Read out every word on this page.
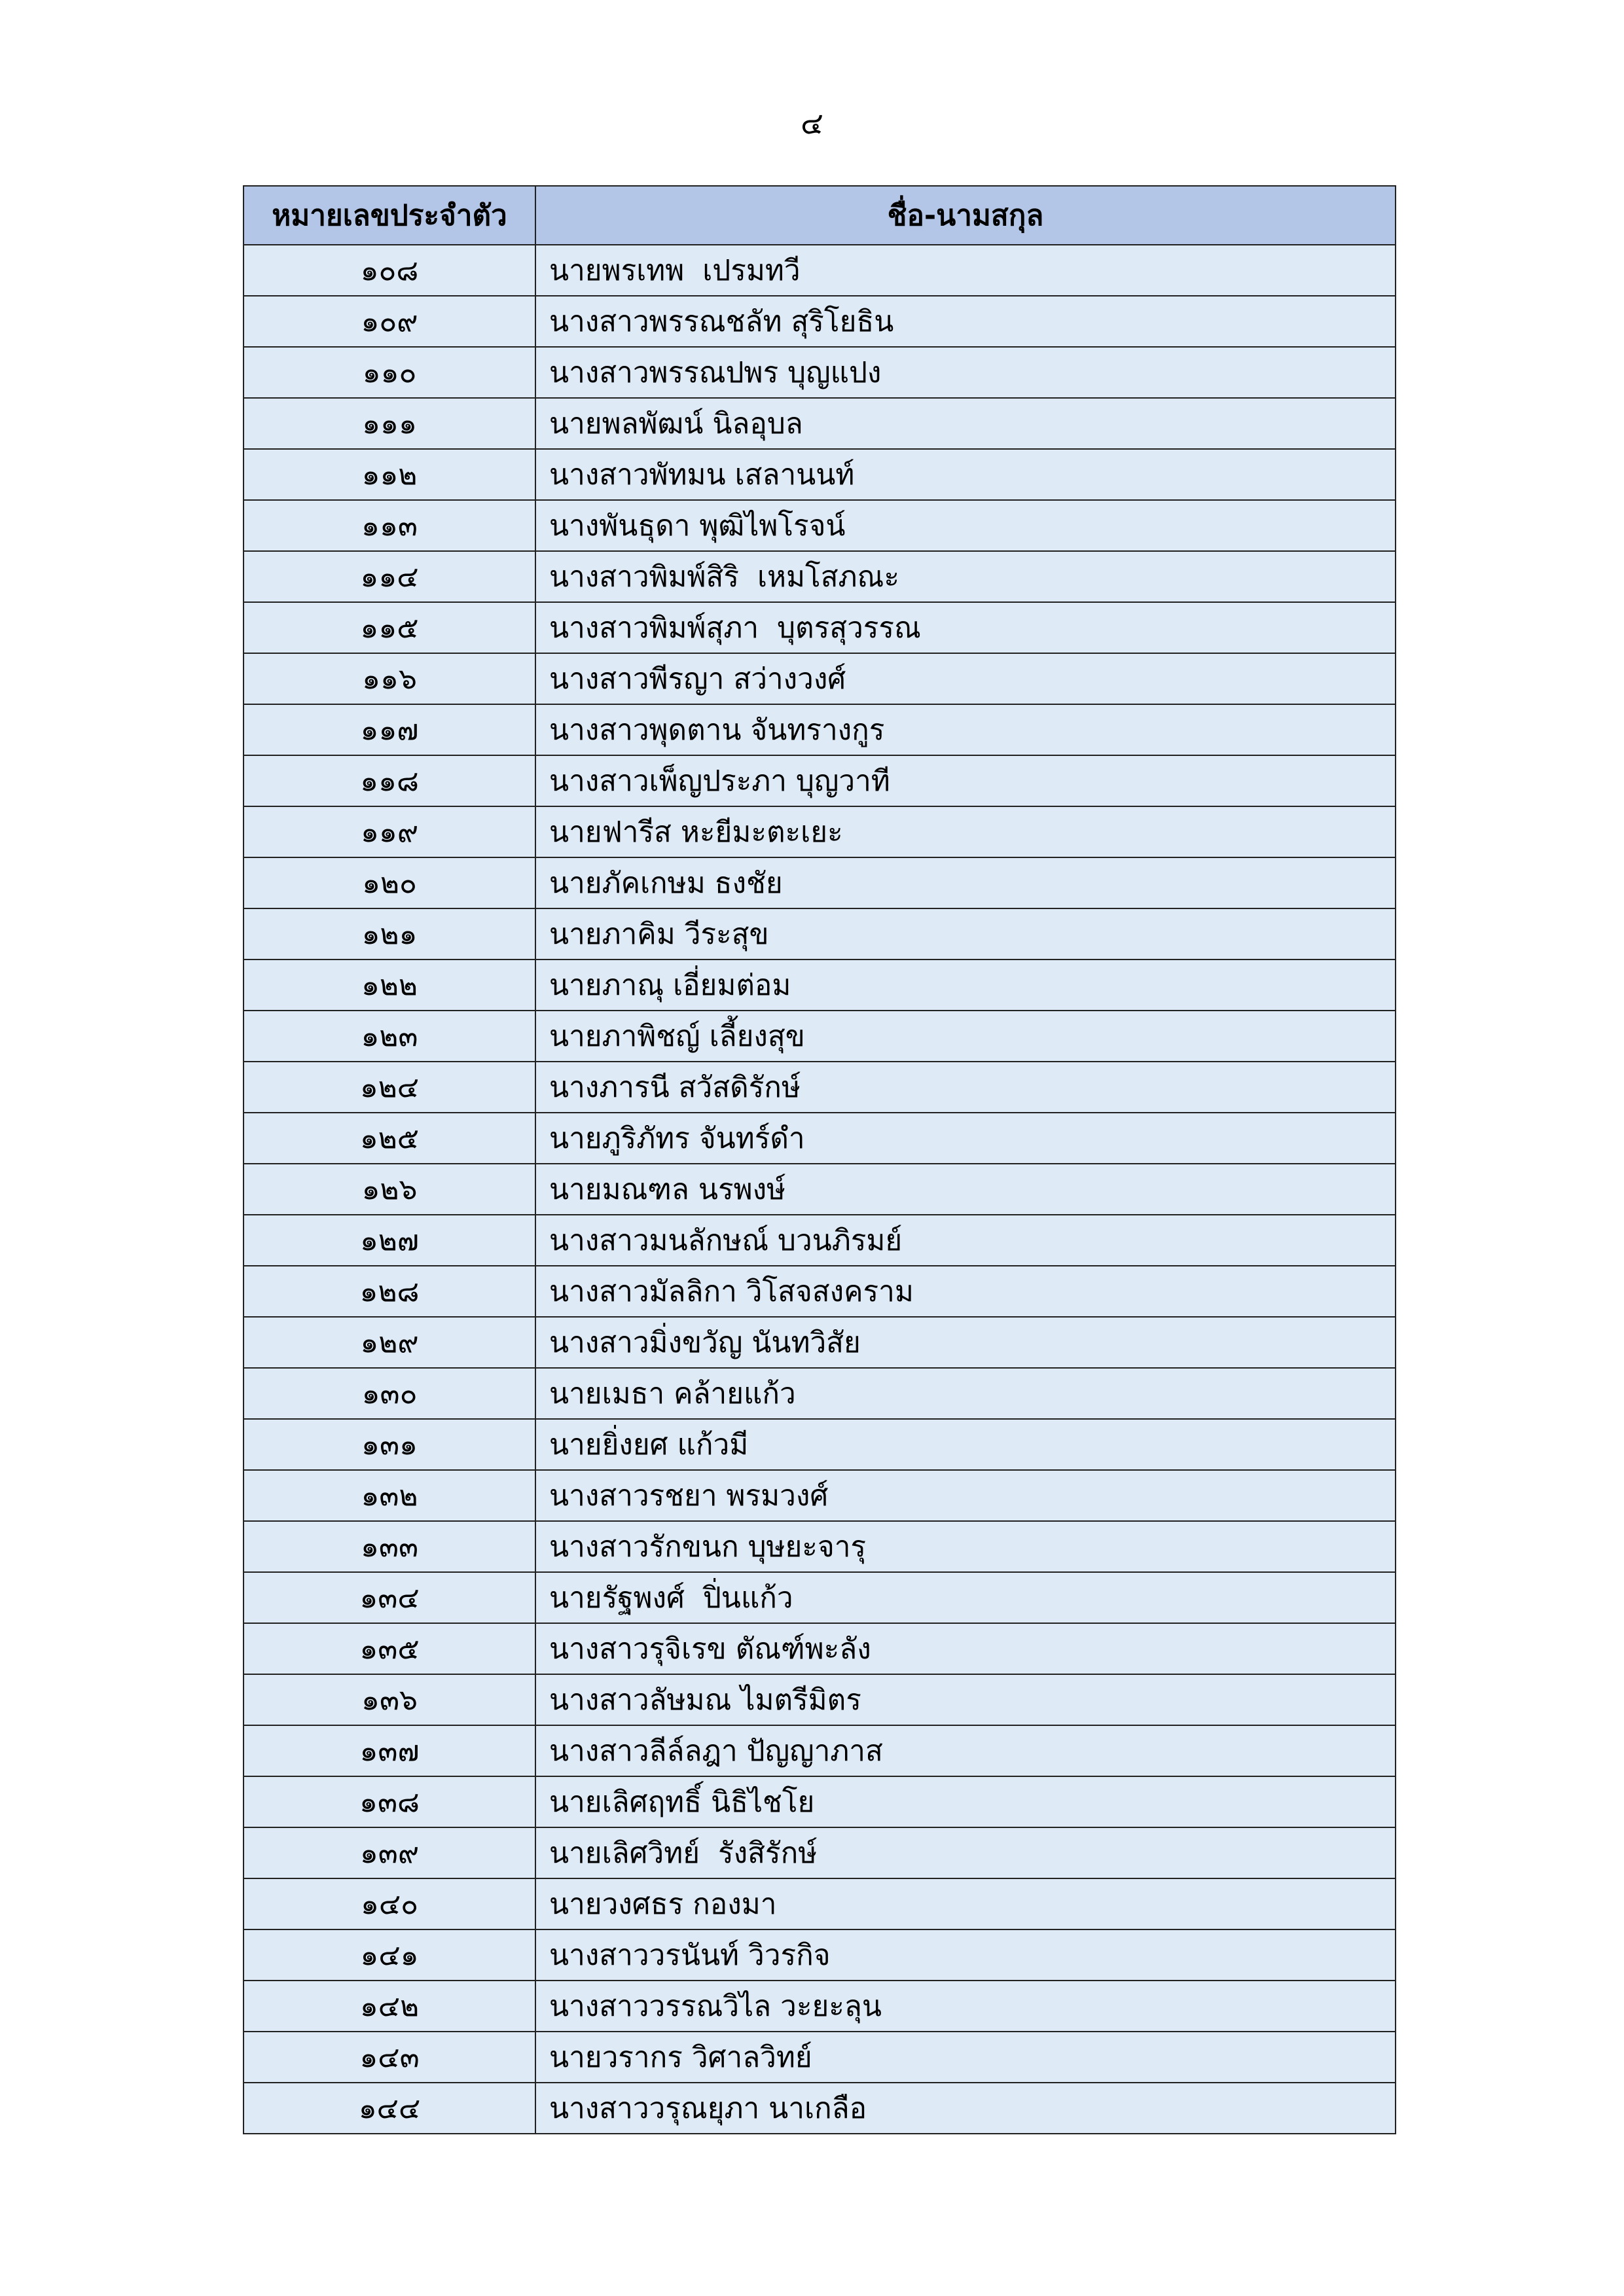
๔
หมายเลขประจำตัว	ชื่อ-นามสกุล
๑๐๘	นายพรเทพ  เปรมทวี
๑๐๙	นางสาวพรรณชลัท สุริโยธิน
๑๑๐	นางสาวพรรณปพร บุญแปง
๑๑๑	นายพลพัฒน์ นิลอุบล
๑๑๒	นางสาวพัทมน เสลานนท์
๑๑๓	นางพันธุดา พุฒิไพโรจน์
๑๑๔	นางสาวพิมพ์สิริ  เหมโสภณะ
๑๑๕	นางสาวพิมพ์สุภา  บุตรสุวรรณ
๑๑๖	นางสาวพีรญา สว่างวงศ์
๑๑๗	นางสาวพุดตาน จันทรางกูร
๑๑๘	นางสาวเพ็ญประภา บุญวาที
๑๑๙	นายฟารีส หะยีมะตะเยะ
๑๒๐	นายภัคเกษม ธงชัย
๑๒๑	นายภาคิม วีระสุข
๑๒๒	นายภาณุ เอี่ยมต่อม
๑๒๓	นายภาพิชญ์ เลี้ยงสุข
๑๒๔	นางภารนี สวัสดิรักษ์
๑๒๕	นายภูริภัทร จันทร์ดำ
๑๒๖	นายมณฑล นรพงษ์
๑๒๗	นางสาวมนลักษณ์ บวนภิรมย์
๑๒๘	นางสาวมัลลิกา วิโสจสงคราม
๑๒๙	นางสาวมิ่งขวัญ นันทวิสัย
๑๓๐	นายเมธา คล้ายแก้ว
๑๓๑	นายยิ่งยศ แก้วมี
๑๓๒	นางสาวรชยา พรมวงศ์
๑๓๓	นางสาวรักขนก บุษยะจารุ
๑๓๔	นายรัฐพงศ์  ปิ่นแก้ว
๑๓๕	นางสาวรุจิเรข ตัณฑ์พะลัง
๑๓๖	นางสาวลัษมณ ไมตรีมิตร
๑๓๗	นางสาวลีล์ลฎา ปัญญาภาส
๑๓๘	นายเลิศฤทธิ์ นิธิไชโย
๑๓๙	นายเลิศวิทย์  รังสิรักษ์
๑๔๐	นายวงศธร กองมา
๑๔๑	นางสาววรนันท์ วิวรกิจ
๑๔๒	นางสาววรรณวิไล วะยะลุน
๑๔๓	นายวรากร วิศาลวิทย์
๑๔๔	นางสาววรุณยุภา นาเกลือ
